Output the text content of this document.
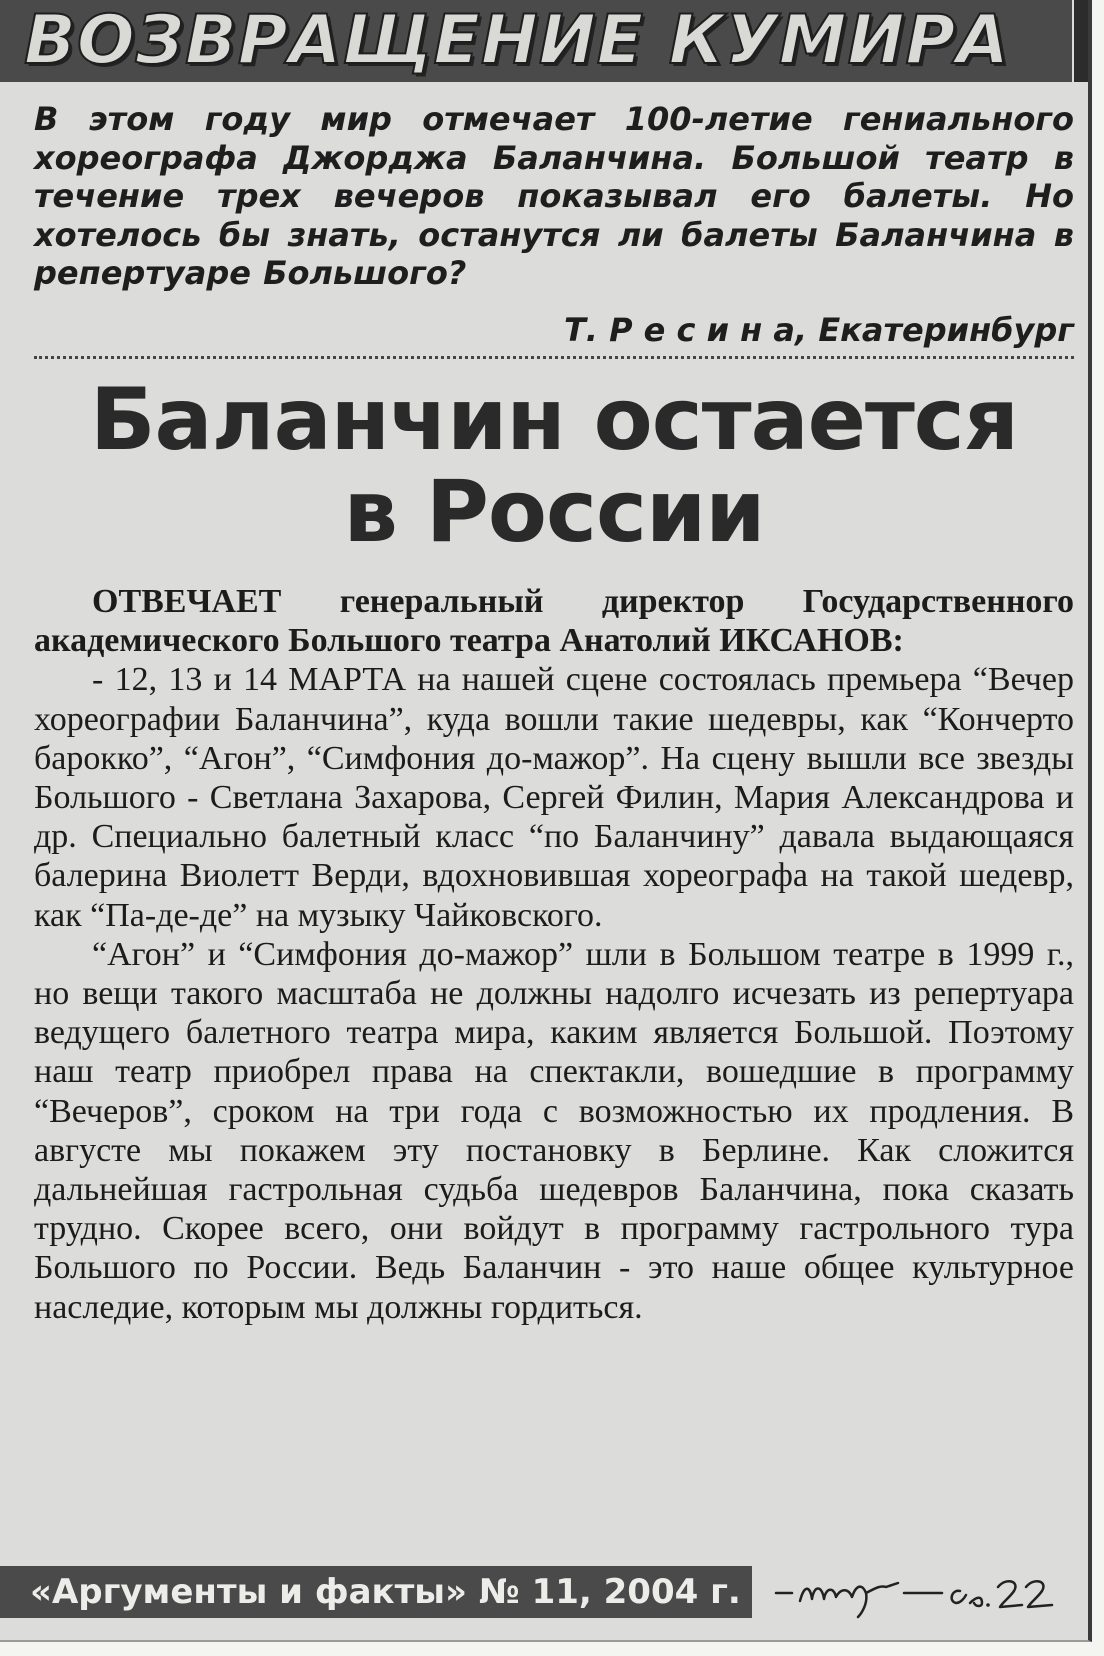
ВОЗВРАЩЕНИЕ КУМИРА
В этом году мир отмечает 100-летие гениального хореографа Джорджа Баланчина. Большой театр в течение трех вечеров показывал его балеты. Но хотелось бы знать, останутся ли балеты Баланчина в репертуаре Большого?
Т. Р е с и н а, Екатеринбург
Баланчин остается
в России

ОТВЕЧАЕТ генеральный директор Государственного академического Большого театра Анатолий ИКСАНОВ:

- 12, 13 и 14 МАРТА на нашей сцене состоялась премьера “Вечер хореографии Баланчина”, куда вошли такие шедевры, как “Кончерто барокко”, “Агон”, “Симфония до-мажор”. На сцену вышли все звезды Большого - Светлана Захарова, Сергей Филин, Мария Александрова и др. Специально балетный класс “по Баланчину” давала выдающаяся балерина Виолетт Верди, вдохновившая хореографа на такой шедевр, как “Па-де-де” на музыку Чайковского.

“Агон” и “Симфония до-мажор” шли в Большом театре в 1999 г., но вещи такого масштаба не должны надолго исчезать из репертуара ведущего балетного театра мира, каким является Большой. Поэтому наш театр приобрел права на спектакли, вошедшие в программу “Вечеров”, сроком на три года с возможностью их продления. В августе мы покажем эту постановку в Берлине. Как сложится дальнейшая гастрольная судьба шедевров Баланчина, пока сказать трудно. Скорее всего, они войдут в программу гастрольного тура Большого по России. Ведь Баланчин - это наше общее культурное наследие, которым мы должны гордиться.

«Аргументы и факты» № 11, 2004 г.
